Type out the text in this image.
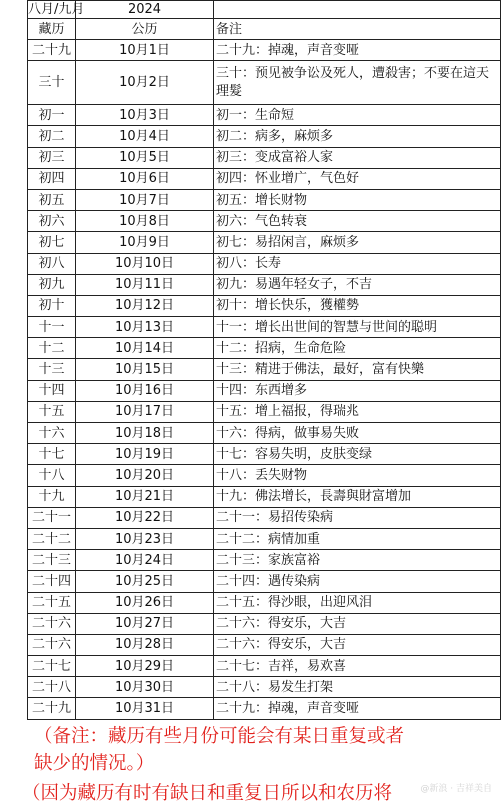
八月/九月	2024	
藏历	公历	备注
二十九	10月1日	二十九：掉魂，声音变哑
三十	10月2日	三十：预见被争讼及死人，遭殺害；不要在這天理髮
初一	10月3日	初一：生命短
初二	10月4日	初二：病多，麻烦多
初三	10月5日	初三：变成富裕人家
初四	10月6日	初四：怀业增广，气色好
初五	10月7日	初五：增长财物
初六	10月8日	初六：气色转衰
初七	10月9日	初七：易招闲言，麻烦多
初八	10月10日	初八：长寿
初九	10月11日	初九：易遇年轻女子，不吉
初十	10月12日	初十：增长快乐，獲權勢
十一	10月13日	十一：增长出世间的智慧与世间的聪明
十二	10月14日	十二：招病，生命危险
十三	10月15日	十三：精进于佛法，最好，富有快樂
十四	10月16日	十四：东西增多
十五	10月17日	十五：增上福报，得瑞兆
十六	10月18日	十六：得病，做事易失败
十七	10月19日	十七：容易失明，皮肤变绿
十八	10月20日	十八：丢失财物
十九	10月21日	十九：佛法增长，長壽與財富增加
二十一	10月22日	二十一：易招传染病
二十二	10月23日	二十二：病情加重
二十三	10月24日	二十三：家族富裕
二十四	10月25日	二十四：遇传染病
二十五	10月26日	二十五：得沙眼，出迎风泪
二十六	10月27日	二十六：得安乐，大吉
二十六	10月28日	二十六：得安乐，大吉
二十七	10月29日	二十七：吉祥，易欢喜
二十八	10月30日	二十八：易发生打架
二十九	10月31日	二十九：掉魂，声音变哑
（备注：藏历有些月份可能会有某日重复或者
缺少的情况。）
（因为藏历有时有缺日和重复日所以和农历将	@新浪 · 吉祥美自
